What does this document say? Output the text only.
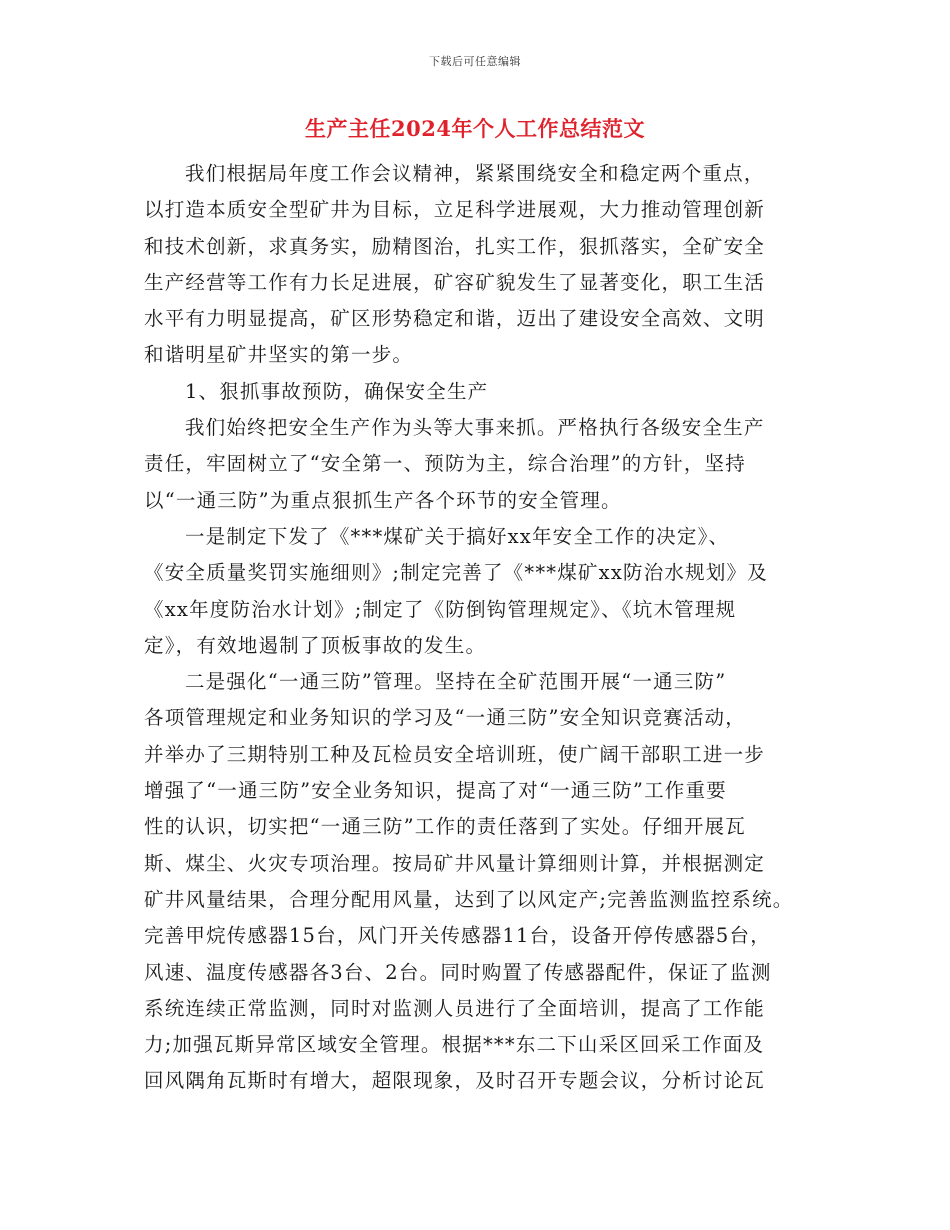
下载后可任意编辑
生产主任2024年个人工作总结范文
我们根据局年度工作会议精神，紧紧围绕安全和稳定两个重点，
以打造本质安全型矿井为目标，立足科学进展观，大力推动管理创新
和技术创新，求真务实，励精图治，扎实工作，狠抓落实，全矿安全
生产经营等工作有力长足进展，矿容矿貌发生了显著变化，职工生活
水平有力明显提高，矿区形势稳定和谐，迈出了建设安全高效、文明
和谐明星矿井坚实的第一步。
1、狠抓事故预防，确保安全生产
我们始终把安全生产作为头等大事来抓。严格执行各级安全生产
责任，牢固树立了“安全第一、预防为主，综合治理”的方针，坚持
以“一通三防”为重点狠抓生产各个环节的安全管理。
一是制定下发了《***煤矿关于搞好xx年安全工作的决定》、
《安全质量奖罚实施细则》;制定完善了《***煤矿xx防治水规划》及
《xx年度防治水计划》;制定了《防倒钩管理规定》、《坑木管理规
定》，有效地遏制了顶板事故的发生。
二是强化“一通三防”管理。坚持在全矿范围开展“一通三防”
各项管理规定和业务知识的学习及“一通三防”安全知识竞赛活动，
并举办了三期特别工种及瓦检员安全培训班，使广阔干部职工进一步
增强了“一通三防”安全业务知识，提高了对“一通三防”工作重要
性的认识，切实把“一通三防”工作的责任落到了实处。仔细开展瓦
斯、煤尘、火灾专项治理。按局矿井风量计算细则计算，并根据测定
矿井风量结果，合理分配用风量，达到了以风定产;完善监测监控系统。
完善甲烷传感器15台，风门开关传感器11台，设备开停传感器5台，
风速、温度传感器各3台、2台。同时购置了传感器配件，保证了监测
系统连续正常监测，同时对监测人员进行了全面培训，提高了工作能
力;加强瓦斯异常区域安全管理。根据***东二下山采区回采工作面及
回风隅角瓦斯时有增大，超限现象，及时召开专题会议，分析讨论瓦
